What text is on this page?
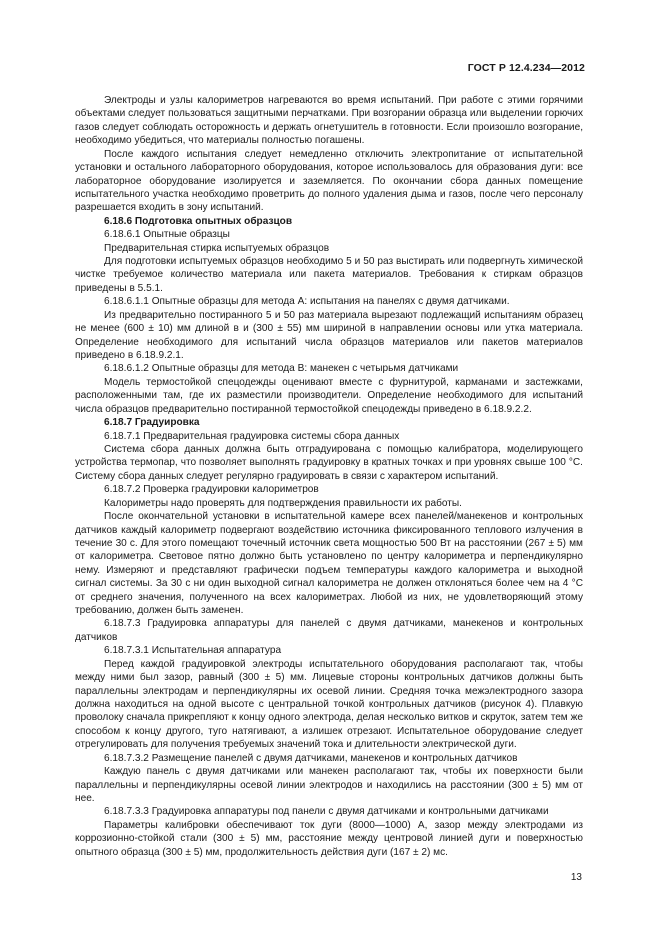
ГОСТ Р 12.4.234—2012

Электроды и узлы калориметров нагреваются во время испытаний. При работе с этими горячими объектами следует пользоваться защитными перчатками. При возгорании образца или выделении горючих газов следует соблюдать осторожность и держать огнетушитель в готовности. Если произошло возгорание, необходимо убедиться, что материалы полностью погашены.

После каждого испытания следует немедленно отключить электропитание от испытательной установки и остального лабораторного оборудования, которое использовалось для образования дуги: все лабораторное оборудование изолируется и заземляется. По окончании сбора данных помещение испытательного участка необходимо проветрить до полного удаления дыма и газов, после чего персоналу разрешается входить в зону испытаний.

6.18.6 Подготовка опытных образцов

6.18.6.1 Опытные образцы

Предварительная стирка испытуемых образцов

Для подготовки испытуемых образцов необходимо 5 и 50 раз выстирать или подвергнуть химической чистке требуемое количество материала или пакета материалов. Требования к стиркам образцов приведены в 5.5.1.

6.18.6.1.1 Опытные образцы для метода А: испытания на панелях с двумя датчиками.

Из предварительно постиранного 5 и 50 раз материала вырезают подлежащий испытаниям образец не менее (600 ± 10) мм длиной в и (300 ± 55) мм шириной в направлении основы или утка материала. Определение необходимого для испытаний числа образцов материалов или пакетов материалов приведено в 6.18.9.2.1.

6.18.6.1.2 Опытные образцы для метода В: манекен с четырьмя датчиками

Модель термостойкой спецодежды оценивают вместе с фурнитурой, карманами и застежками, расположенными там, где их разместили производители. Определение необходимого для испытаний числа образцов предварительно постиранной термостойкой спецодежды приведено в 6.18.9.2.2.

6.18.7 Градуировка

6.18.7.1 Предварительная градуировка системы сбора данных

Система сбора данных должна быть отградуирована с помощью калибратора, моделирующего устройства термопар, что позволяет выполнять градуировку в кратных точках и при уровнях свыше 100 °С. Систему сбора данных следует регулярно градуировать в связи с характером испытаний.

6.18.7.2 Проверка градуировки калориметров

Калориметры надо проверять для подтверждения правильности их работы.

После окончательной установки в испытательной камере всех панелей/манекенов и контрольных датчиков каждый калориметр подвергают воздействию источника фиксированного теплового излучения в течение 30 с. Для этого помещают точечный источник света мощностью 500 Вт на расстоянии (267 ± 5) мм от калориметра. Световое пятно должно быть установлено по центру калориметра и перпендикулярно нему. Измеряют и представляют графически подъем температуры каждого калориметра и выходной сигнал системы. За 30 с ни один выходной сигнал калориметра не должен отклоняться более чем на 4 °С от среднего значения, полученного на всех калориметрах. Любой из них, не удовлетворяющий этому требованию, должен быть заменен.

6.18.7.3 Градуировка аппаратуры для панелей с двумя датчиками, манекенов и контрольных датчиков

6.18.7.3.1 Испытательная аппаратура

Перед каждой градуировкой электроды испытательного оборудования располагают так, чтобы между ними был зазор, равный (300 ± 5) мм. Лицевые стороны контрольных датчиков должны быть параллельны электродам и перпендикулярны их осевой линии. Средняя точка межэлектродного зазора должна находиться на одной высоте с центральной точкой контрольных датчиков (рисунок 4). Плавкую проволоку сначала прикрепляют к концу одного электрода, делая несколько витков и скруток, затем тем же способом к концу другого, туго натягивают, а излишек отрезают. Испытательное оборудование следует отрегулировать для получения требуемых значений тока и длительности электрической дуги.

6.18.7.3.2 Размещение панелей с двумя датчиками, манекенов и контрольных датчиков

Каждую панель с двумя датчиками или манекен располагают так, чтобы их поверхности были параллельны и перпендикулярны осевой линии электродов и находились на расстоянии (300 ± 5) мм от нее.

6.18.7.3.3 Градуировка аппаратуры под панели с двумя датчиками и контрольными датчиками

Параметры калибровки обеспечивают ток дуги (8000—1000) А, зазор между электродами из коррозионно-стойкой стали (300 ± 5) мм, расстояние между центровой линией дуги и поверхностью опытного образца (300 ± 5) мм, продолжительность действия дуги (167 ± 2) мс.

13
